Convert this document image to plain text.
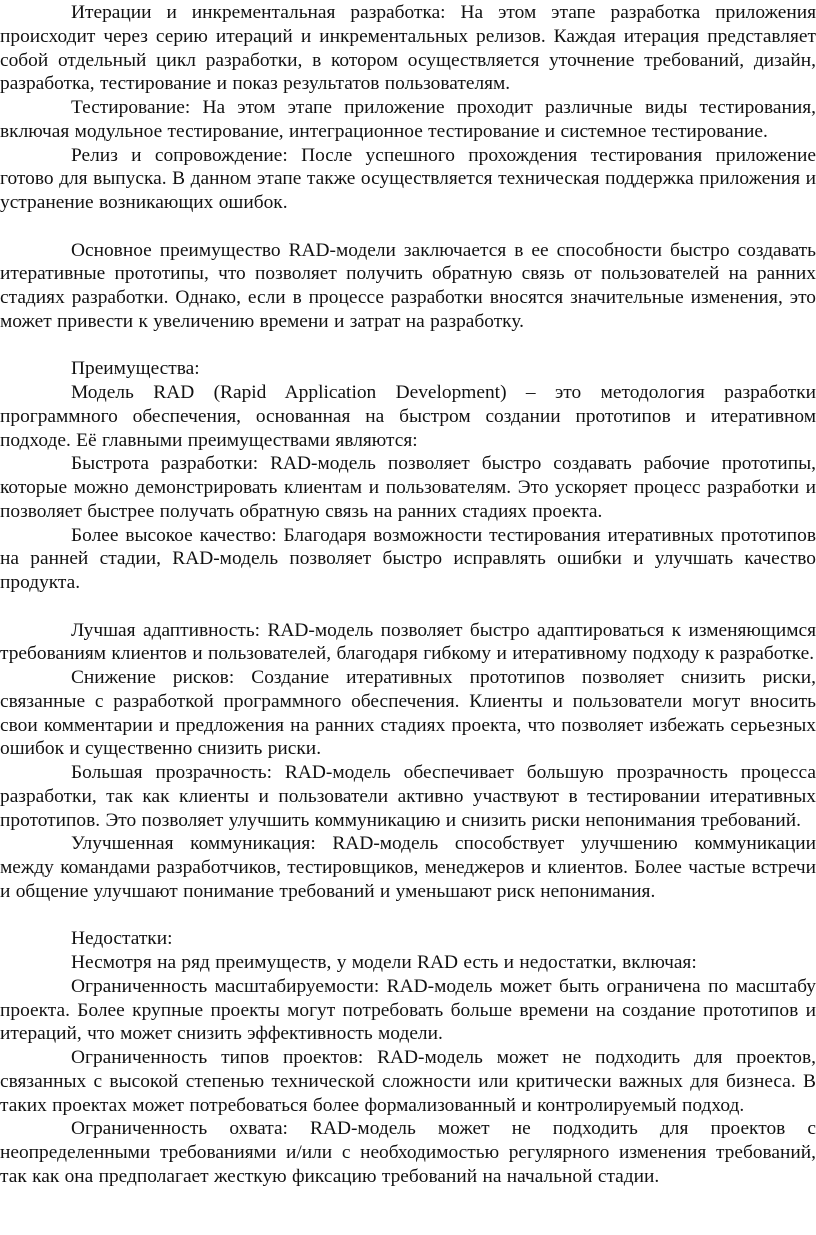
Итерации и инкрементальная разработка: На этом этапе разработка приложения происходит через серию итераций и инкрементальных релизов. Каждая итерация представляет собой отдельный цикл разработки, в котором осуществляется уточнение требований, дизайн, разработка, тестирование и показ результатов пользователям.

Тестирование: На этом этапе приложение проходит различные виды тестирования, включая модульное тестирование, интеграционное тестирование и системное тестирование.

Релиз и сопровождение: После успешного прохождения тестирования приложение готово для выпуска. В данном этапе также осуществляется техническая поддержка приложения и устранение возникающих ошибок.

Основное преимущество RAD-модели заключается в ее способности быстро создавать итеративные прототипы, что позволяет получить обратную связь от пользователей на ранних стадиях разработки. Однако, если в процессе разработки вносятся значительные изменения, это может привести к увеличению времени и затрат на разработку.

Преимущества:

Модель RAD (Rapid Application Development) – это методология разработки программного обеспечения, основанная на быстром создании прототипов и итеративном подходе. Её главными преимуществами являются:

Быстрота разработки: RAD-модель позволяет быстро создавать рабочие прототипы, которые можно демонстрировать клиентам и пользователям. Это ускоряет процесс разработки и позволяет быстрее получать обратную связь на ранних стадиях проекта.

Более высокое качество: Благодаря возможности тестирования итеративных прототипов на ранней стадии, RAD-модель позволяет быстро исправлять ошибки и улучшать качество продукта.

Лучшая адаптивность: RAD-модель позволяет быстро адаптироваться к изменяющимся требованиям клиентов и пользователей, благодаря гибкому и итеративному подходу к разработке.

Снижение рисков: Создание итеративных прототипов позволяет снизить риски, связанные с разработкой программного обеспечения. Клиенты и пользователи могут вносить свои комментарии и предложения на ранних стадиях проекта, что позволяет избежать серьезных ошибок и существенно снизить риски.

Большая прозрачность: RAD-модель обеспечивает большую прозрачность процесса разработки, так как клиенты и пользователи активно участвуют в тестировании итеративных прототипов. Это позволяет улучшить коммуникацию и снизить риски непонимания требований.

Улучшенная коммуникация: RAD-модель способствует улучшению коммуникации между командами разработчиков, тестировщиков, менеджеров и клиентов. Более частые встречи и общение улучшают понимание требований и уменьшают риск непонимания.

Недостатки:

Несмотря на ряд преимуществ, у модели RAD есть и недостатки, включая:

Ограниченность масштабируемости: RAD-модель может быть ограничена по масштабу проекта. Более крупные проекты могут потребовать больше времени на создание прототипов и итераций, что может снизить эффективность модели.

Ограниченность типов проектов: RAD-модель может не подходить для проектов, связанных с высокой степенью технической сложности или критически важных для бизнеса. В таких проектах может потребоваться более формализованный и контролируемый подход.

Ограниченность охвата: RAD-модель может не подходить для проектов с неопределенными требованиями и/или с необходимостью регулярного изменения требований, так как она предполагает жесткую фиксацию требований на начальной стадии.
